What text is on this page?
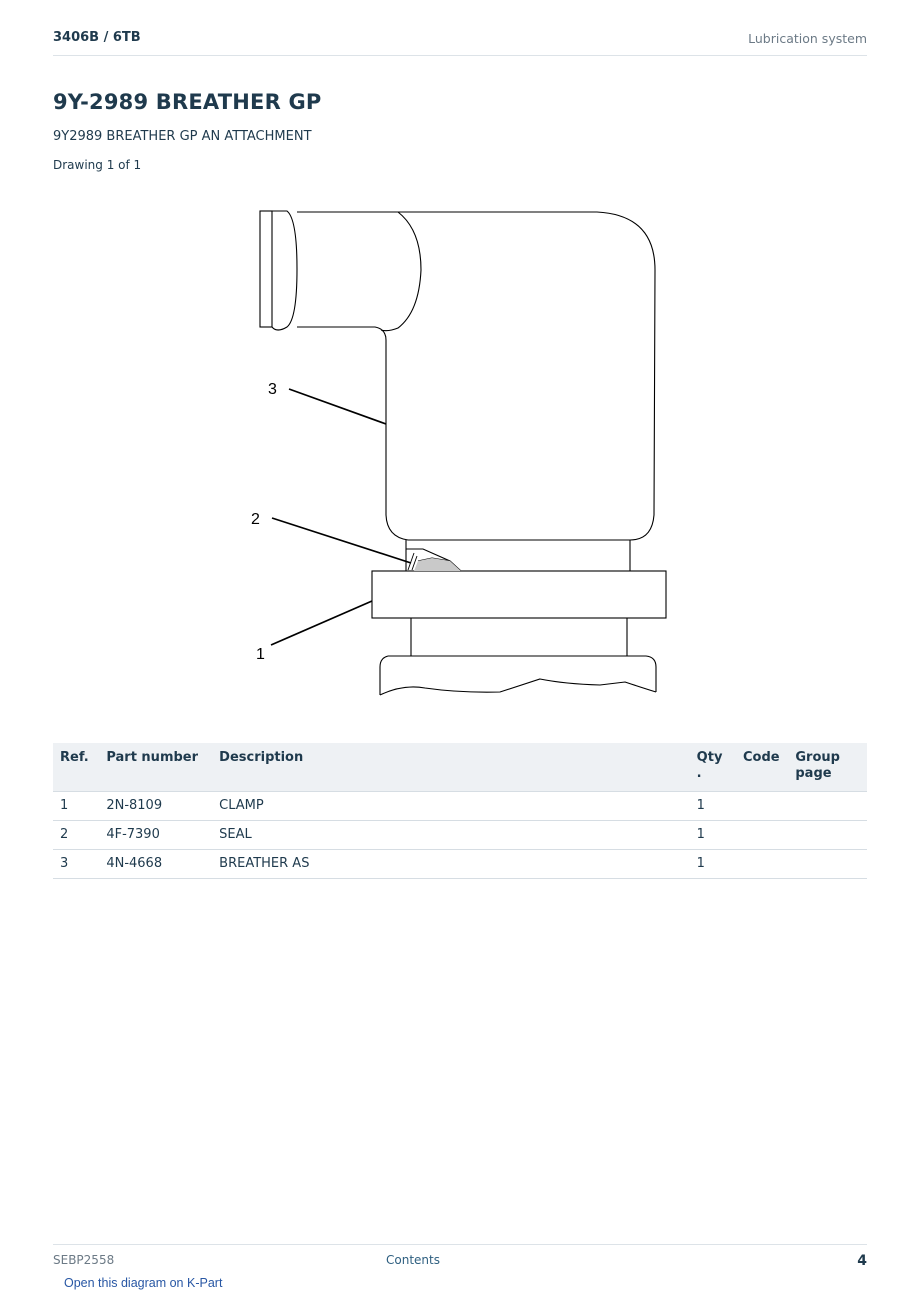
3406B / 6TB	Lubrication system
9Y-2989 BREATHER GP
9Y2989 BREATHER GP AN ATTACHMENT
Drawing 1 of 1
1
2
3
Ref.	Part number	Description	Qty .	Code	Group page
1	2N-8109	CLAMP	1		
2	4F-7390	SEAL	1		
3	4N-4668	BREATHER AS	1		
SEBP2558	Contents	4
Open this diagram on K-Part
